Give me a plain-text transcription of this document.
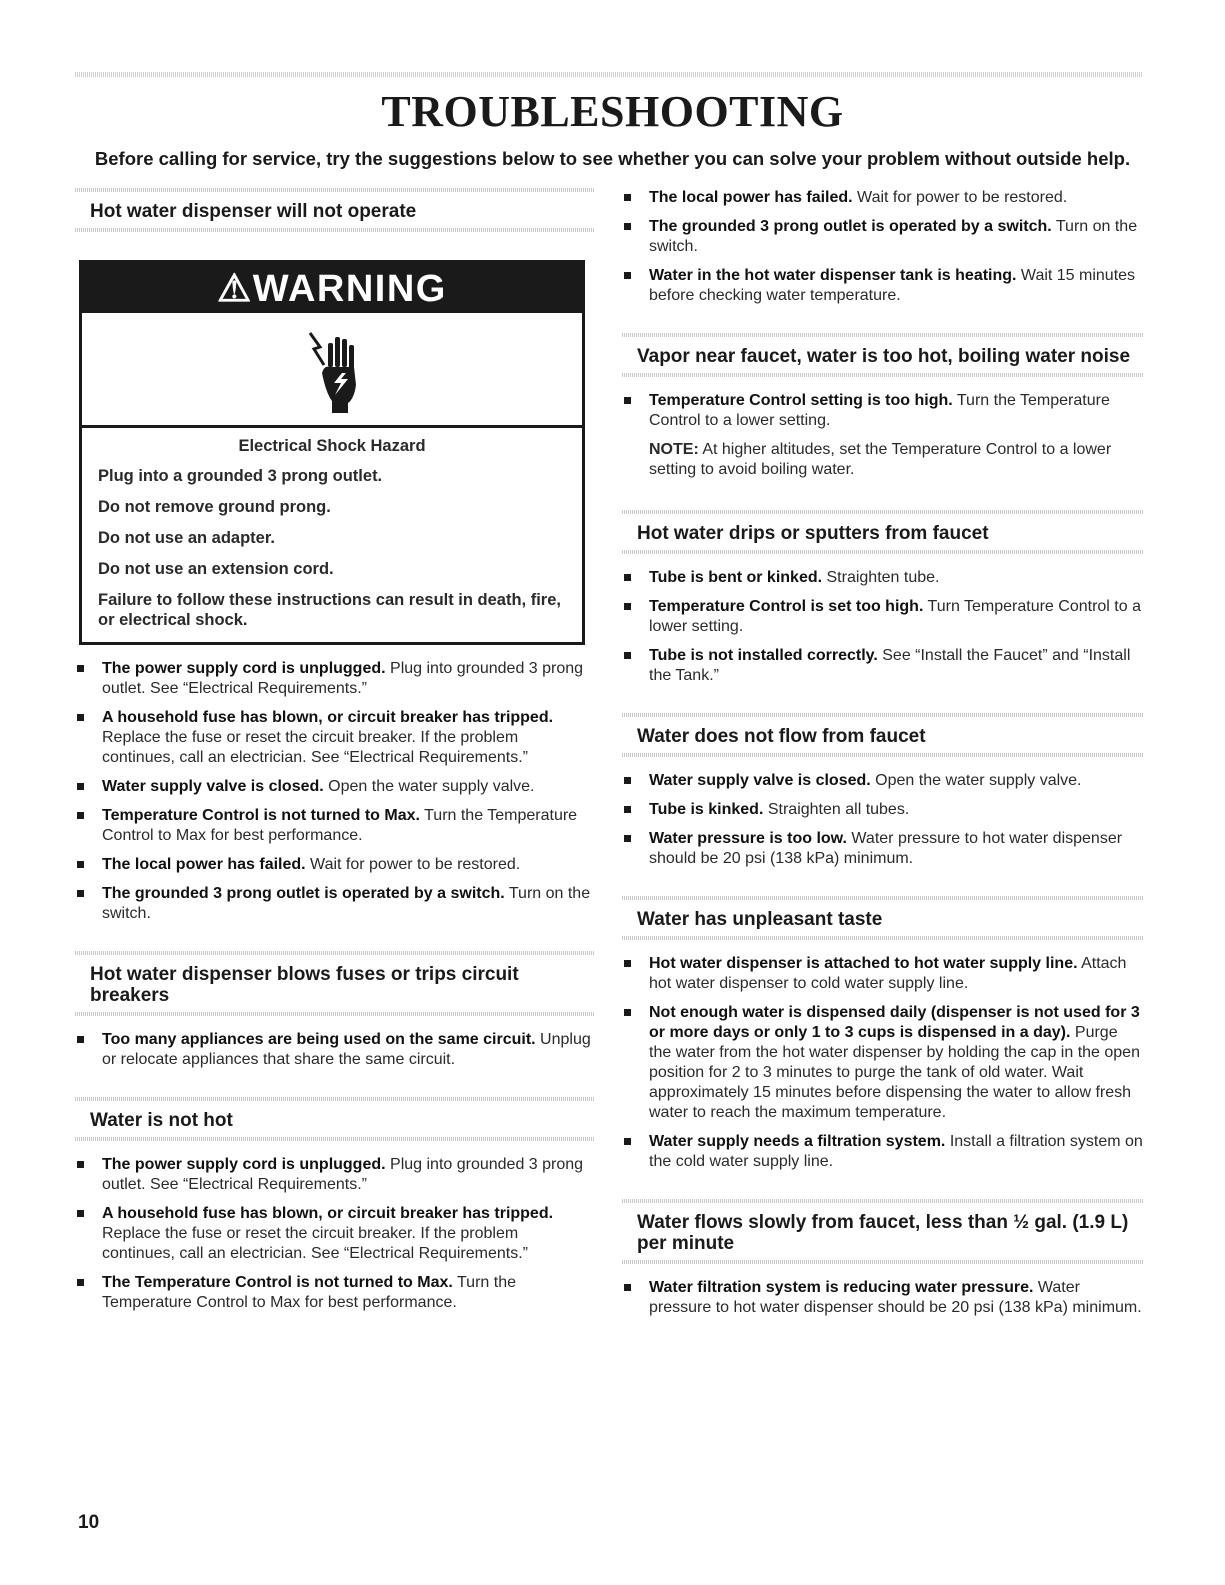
TROUBLESHOOTING

Before calling for service, try the suggestions below to see whether you can solve your problem without outside help.

Hot water dispenser will not operate
⚠WARNING

Electrical Shock Hazard

Plug into a grounded 3 prong outlet.

Do not remove ground prong.

Do not use an adapter.

Do not use an extension cord.

Failure to follow these instructions can result in death, fire, or electrical shock.

The power supply cord is unplugged. Plug into grounded 3 prong outlet. See “Electrical Requirements.”
A household fuse has blown, or circuit breaker has tripped. Replace the fuse or reset the circuit breaker. If the problem continues, call an electrician. See “Electrical Requirements.”
Water supply valve is closed. Open the water supply valve.
Temperature Control is not turned to Max. Turn the Temperature Control to Max for best performance.
The local power has failed. Wait for power to be restored.
The grounded 3 prong outlet is operated by a switch. Turn on the switch.
Hot water dispenser blows fuses or trips circuit breakers
Too many appliances are being used on the same circuit. Unplug or relocate appliances that share the same circuit.
Water is not hot
The power supply cord is unplugged. Plug into grounded 3 prong outlet. See “Electrical Requirements.”
A household fuse has blown, or circuit breaker has tripped. Replace the fuse or reset the circuit breaker. If the problem continues, call an electrician. See “Electrical Requirements.”
The Temperature Control is not turned to Max. Turn the Temperature Control to Max for best performance.
The local power has failed. Wait for power to be restored.
The grounded 3 prong outlet is operated by a switch. Turn on the switch.
Water in the hot water dispenser tank is heating. Wait 15 minutes before checking water temperature.
Vapor near faucet, water is too hot, boiling water noise
Temperature Control setting is too high. Turn the Temperature Control to a lower setting.

NOTE: At higher altitudes, set the Temperature Control to a lower setting to avoid boiling water.

Hot water drips or sputters from faucet
Tube is bent or kinked. Straighten tube.
Temperature Control is set too high. Turn Temperature Control to a lower setting.
Tube is not installed correctly. See “Install the Faucet” and “Install the Tank.”
Water does not flow from faucet
Water supply valve is closed. Open the water supply valve.
Tube is kinked. Straighten all tubes.
Water pressure is too low. Water pressure to hot water dispenser should be 20 psi (138 kPa) minimum.
Water has unpleasant taste
Hot water dispenser is attached to hot water supply line. Attach hot water dispenser to cold water supply line.
Not enough water is dispensed daily (dispenser is not used for 3 or more days or only 1 to 3 cups is dispensed in a day). Purge the water from the hot water dispenser by holding the cap in the open position for 2 to 3 minutes to purge the tank of old water. Wait approximately 15 minutes before dispensing the water to allow fresh water to reach the maximum temperature.
Water supply needs a filtration system. Install a filtration system on the cold water supply line.
Water flows slowly from faucet, less than ½ gal. (1.9 L) per minute
Water filtration system is reducing water pressure. Water pressure to hot water dispenser should be 20 psi (138 kPa) minimum.
10
